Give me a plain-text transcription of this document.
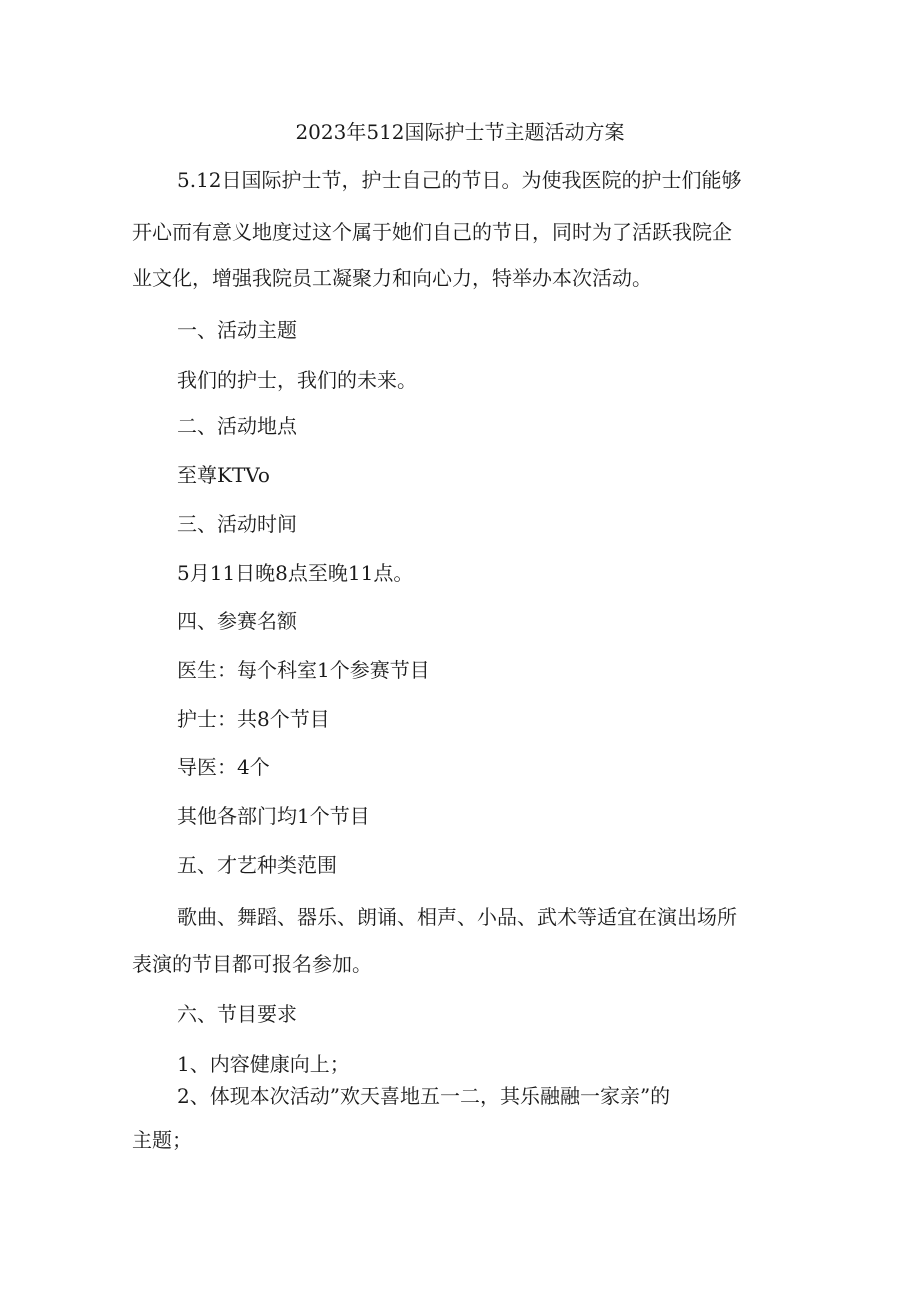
2023年512国际护士节主题活动方案
5.12日国际护士节，护士自己的节日。为使我医院的护士们能够
开心而有意义地度过这个属于她们自己的节日，同时为了活跃我院企
业文化，增强我院员工凝聚力和向心力，特举办本次活动。
一、活动主题
我们的护士，我们的未来。
二、活动地点
至尊KTVo
三、活动时间
5月11日晚8点至晚11点。
四、参赛名额
医生：每个科室1个参赛节目
护士：共8个节目
导医：4个
其他各部门均1个节目
五、才艺种类范围
歌曲、舞蹈、器乐、朗诵、相声、小品、武术等适宜在演出场所
表演的节目都可报名参加。
六、节目要求
1、内容健康向上；
2、体现本次活动”欢天喜地五一二，其乐融融一家亲”的
主题；
